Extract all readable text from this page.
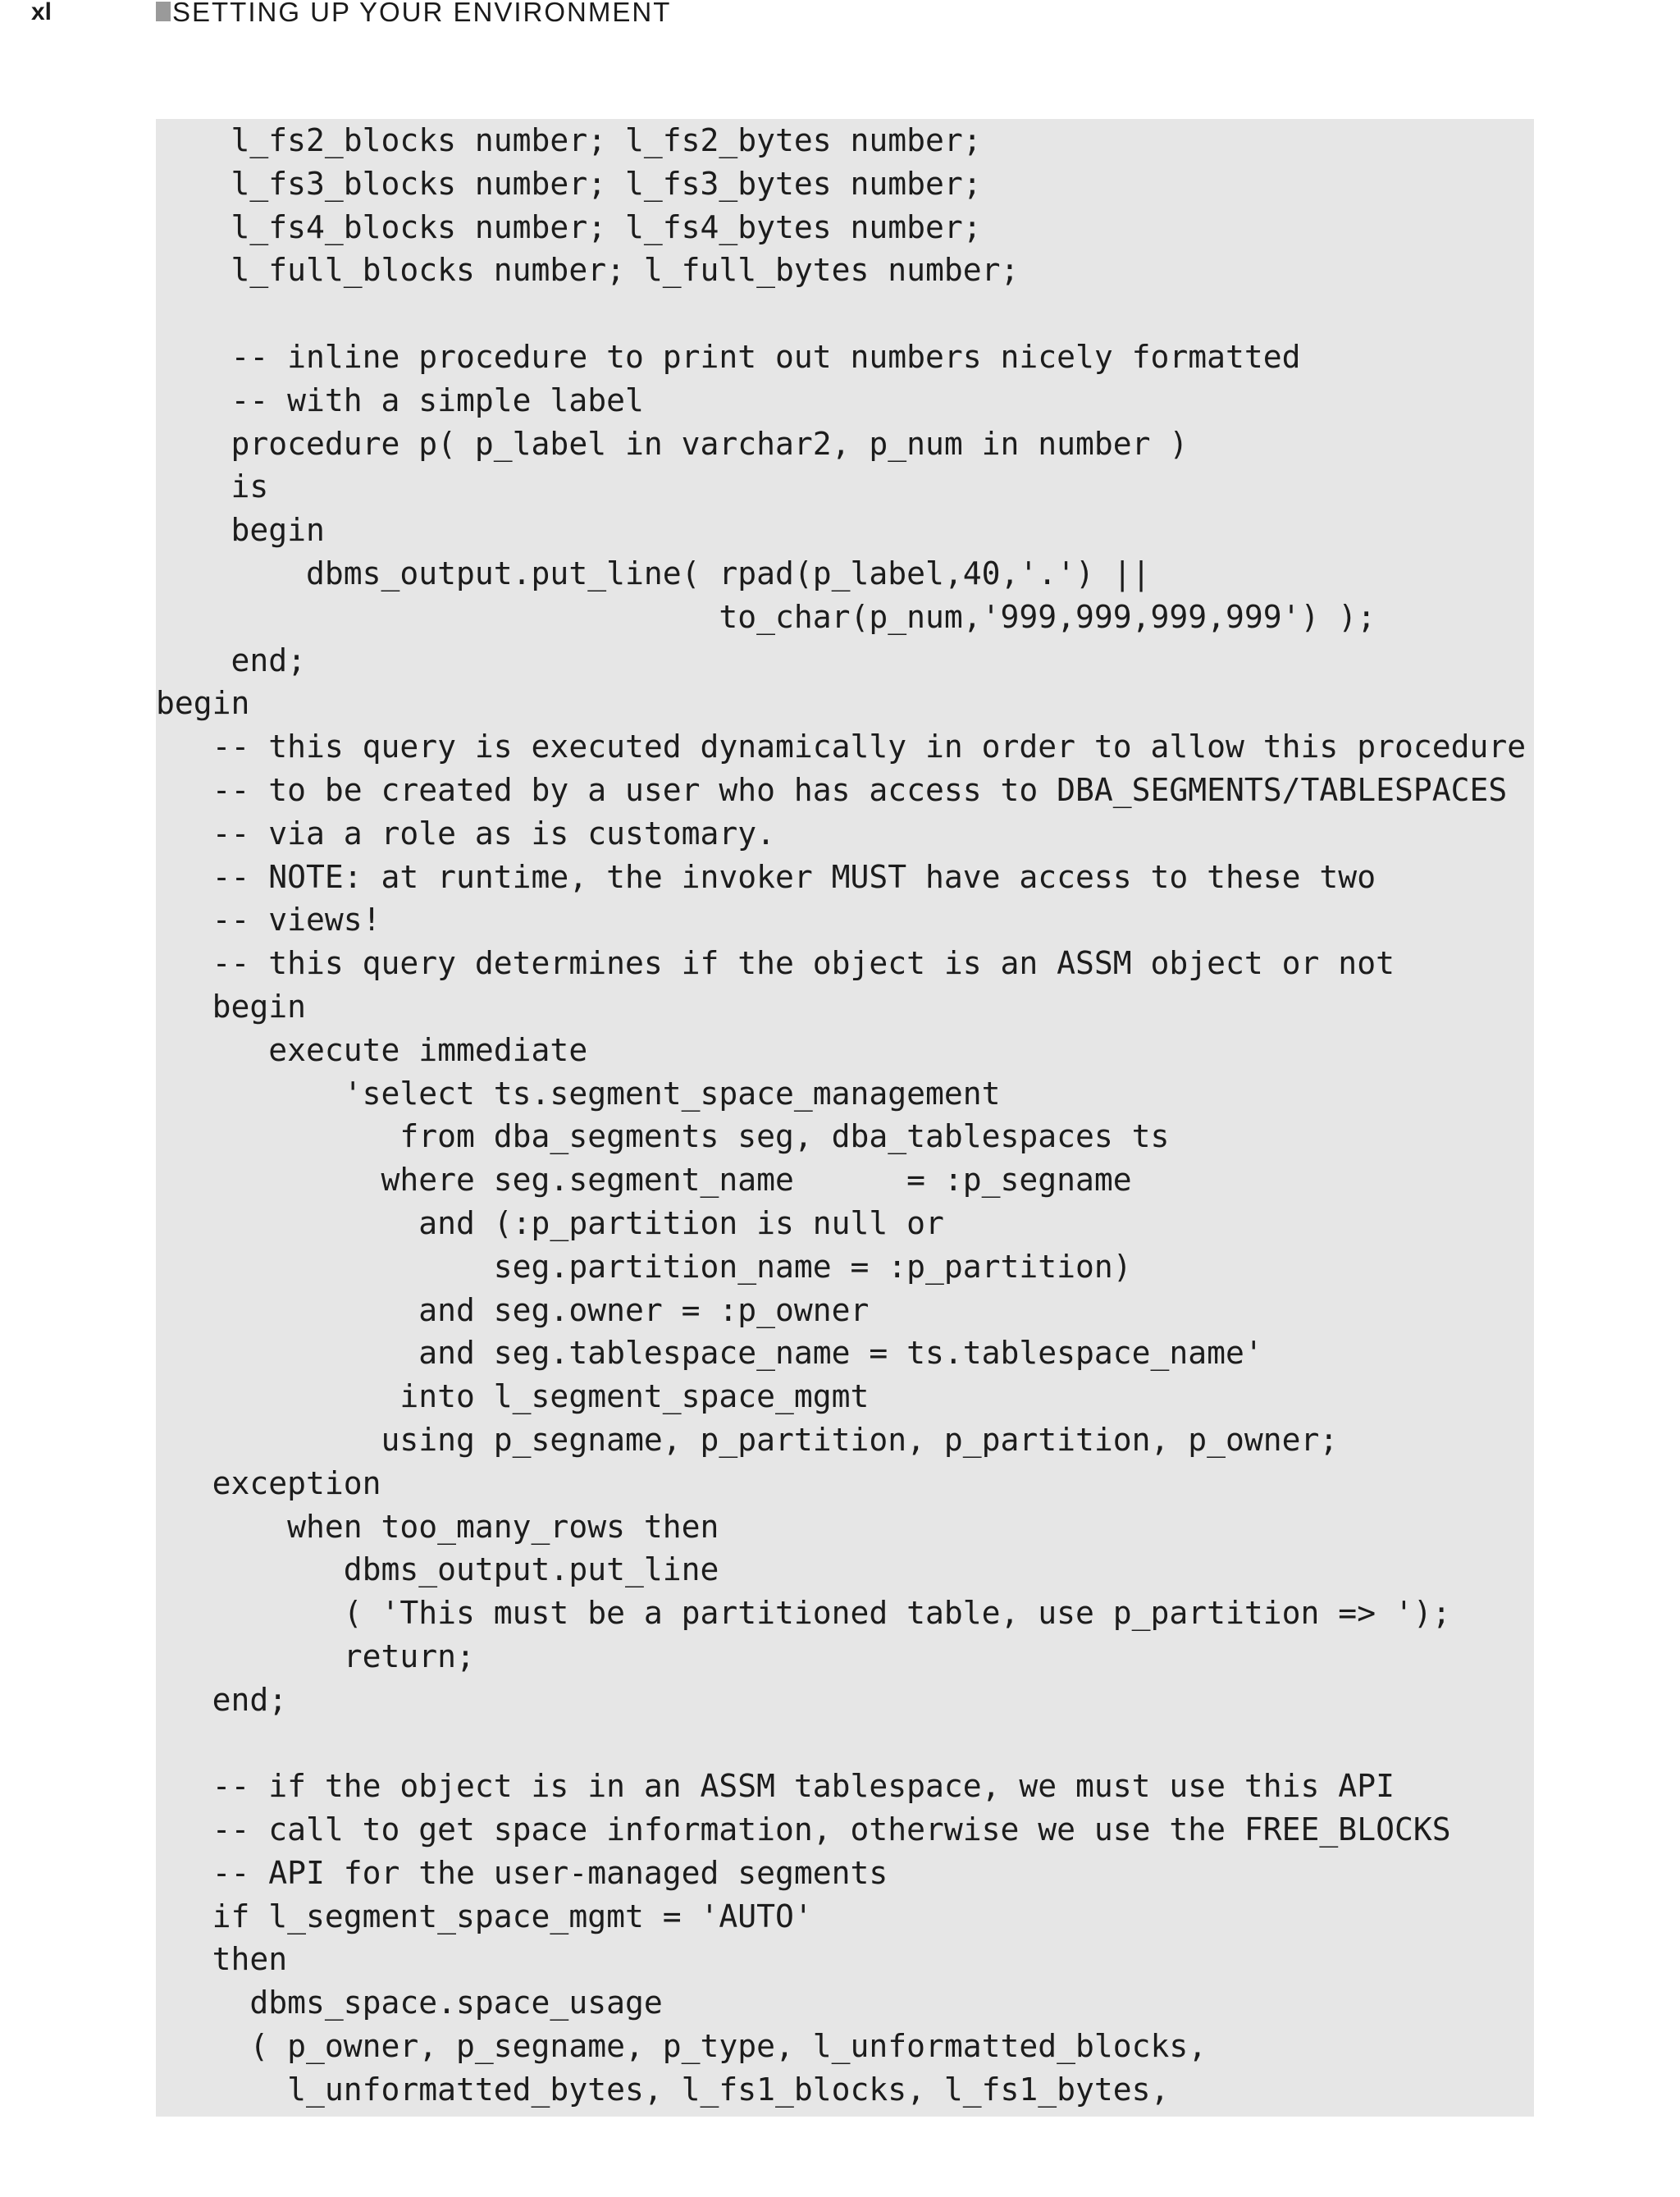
xl	SETTING UP YOUR ENVIRONMENT
l_fs2_blocks number; l_fs2_bytes number;
l_fs3_blocks number; l_fs3_bytes number;
l_fs4_blocks number; l_fs4_bytes number;
l_full_blocks number; l_full_bytes number;
-- inline procedure to print out numbers nicely formatted
-- with a simple label
procedure p( p_label in varchar2, p_num in number )
is
begin
dbms_output.put_line( rpad(p_label,40,'.') ||
to_char(p_num,'999,999,999,999') );
end;
begin
-- this query is executed dynamically in order to allow this procedure
-- to be created by a user who has access to DBA_SEGMENTS/TABLESPACES
-- via a role as is customary.
-- NOTE: at runtime, the invoker MUST have access to these two
-- views!
-- this query determines if the object is an ASSM object or not
begin
execute immediate
'select ts.segment_space_management
from dba_segments seg, dba_tablespaces ts
where seg.segment_name      = :p_segname
and (:p_partition is null or
seg.partition_name = :p_partition)
and seg.owner = :p_owner
and seg.tablespace_name = ts.tablespace_name'
into l_segment_space_mgmt
using p_segname, p_partition, p_partition, p_owner;
exception
when too_many_rows then
dbms_output.put_line
( 'This must be a partitioned table, use p_partition => ');
return;
end;
-- if the object is in an ASSM tablespace, we must use this API
-- call to get space information, otherwise we use the FREE_BLOCKS
-- API for the user-managed segments
if l_segment_space_mgmt = 'AUTO'
then
dbms_space.space_usage
( p_owner, p_segname, p_type, l_unformatted_blocks,
l_unformatted_bytes, l_fs1_blocks, l_fs1_bytes,
